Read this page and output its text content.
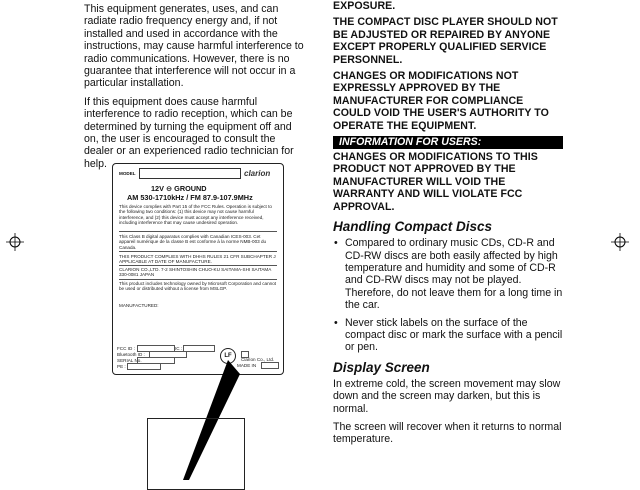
This equipment generates, uses, and can radiate radio frequency energy and, if not installed and used in accordance with the instructions, may cause harmful interference to radio communications. However, there is no guarantee that interference will not occur in a particular installation.

If this equipment does cause harmful interference to radio reception, which can be determined by turning the equipment off and on, the user is encouraged to consult the dealer or an experienced radio technician for help.

MODEL	clarion
12V ⊖ GROUND
AM 530-1710kHz / FM 87.9-107.9MHz
This device complies with Part 15 of the FCC Rules. Operation is subject to the following two conditions: (1) this device may not cause harmful interference, and (2) this device must accept any interference received, including interference that may cause undesired operation.
This Class B digital apparatus complies with Canadian ICES-003. Cet appareil numérique de la classe B est conforme à la norme NMB-003 du Canada.
THIS PRODUCT COMPLIES WITH DHHS RULES 21 CFR SUBCHAPTER J APPLICABLE AT DATE OF MANUFACTURE.
CLARION CO.,LTD. 7-2 SHINTOSHIN CHUO-KU SAITAMA-SHI SAITAMA 330-0081 JAPAN
This product includes technology owned by Microsoft Corporation and cannot be used or distributed without a license from MSLGP.
MANUFACTURED:
FCC ID :	IC :
Bluetooth ID :
SERIAL No.
PE :
LF
Clarion Co., Ltd.
MADE IN

EXPOSURE.

THE COMPACT DISC PLAYER SHOULD NOT BE ADJUSTED OR REPAIRED BY ANYONE EXCEPT PROPERLY QUALIFIED SERVICE PERSONNEL.

CHANGES OR MODIFICATIONS NOT EXPRESSLY APPROVED BY THE MANUFACTURER FOR COMPLIANCE COULD VOID THE USER'S AUTHORITY TO OPERATE THE EQUIPMENT.

INFORMATION FOR USERS:

CHANGES OR MODIFICATIONS TO THIS PRODUCT NOT APPROVED BY THE MANUFACTURER WILL VOID THE WARRANTY AND WILL VIOLATE FCC APPROVAL.

Handling Compact Discs
• Compared to ordinary music CDs, CD-R and CD-RW discs are both easily affected by high temperature and humidity and some of CD-R and CD-RW discs may not be played. Therefore, do not leave them for a long time in the car.
• Never stick labels on the surface of the compact disc or mark the surface with a pencil or pen.
Display Screen

In extreme cold, the screen movement may slow down and the screen may darken, but this is normal.

The screen will recover when it returns to normal temperature.
